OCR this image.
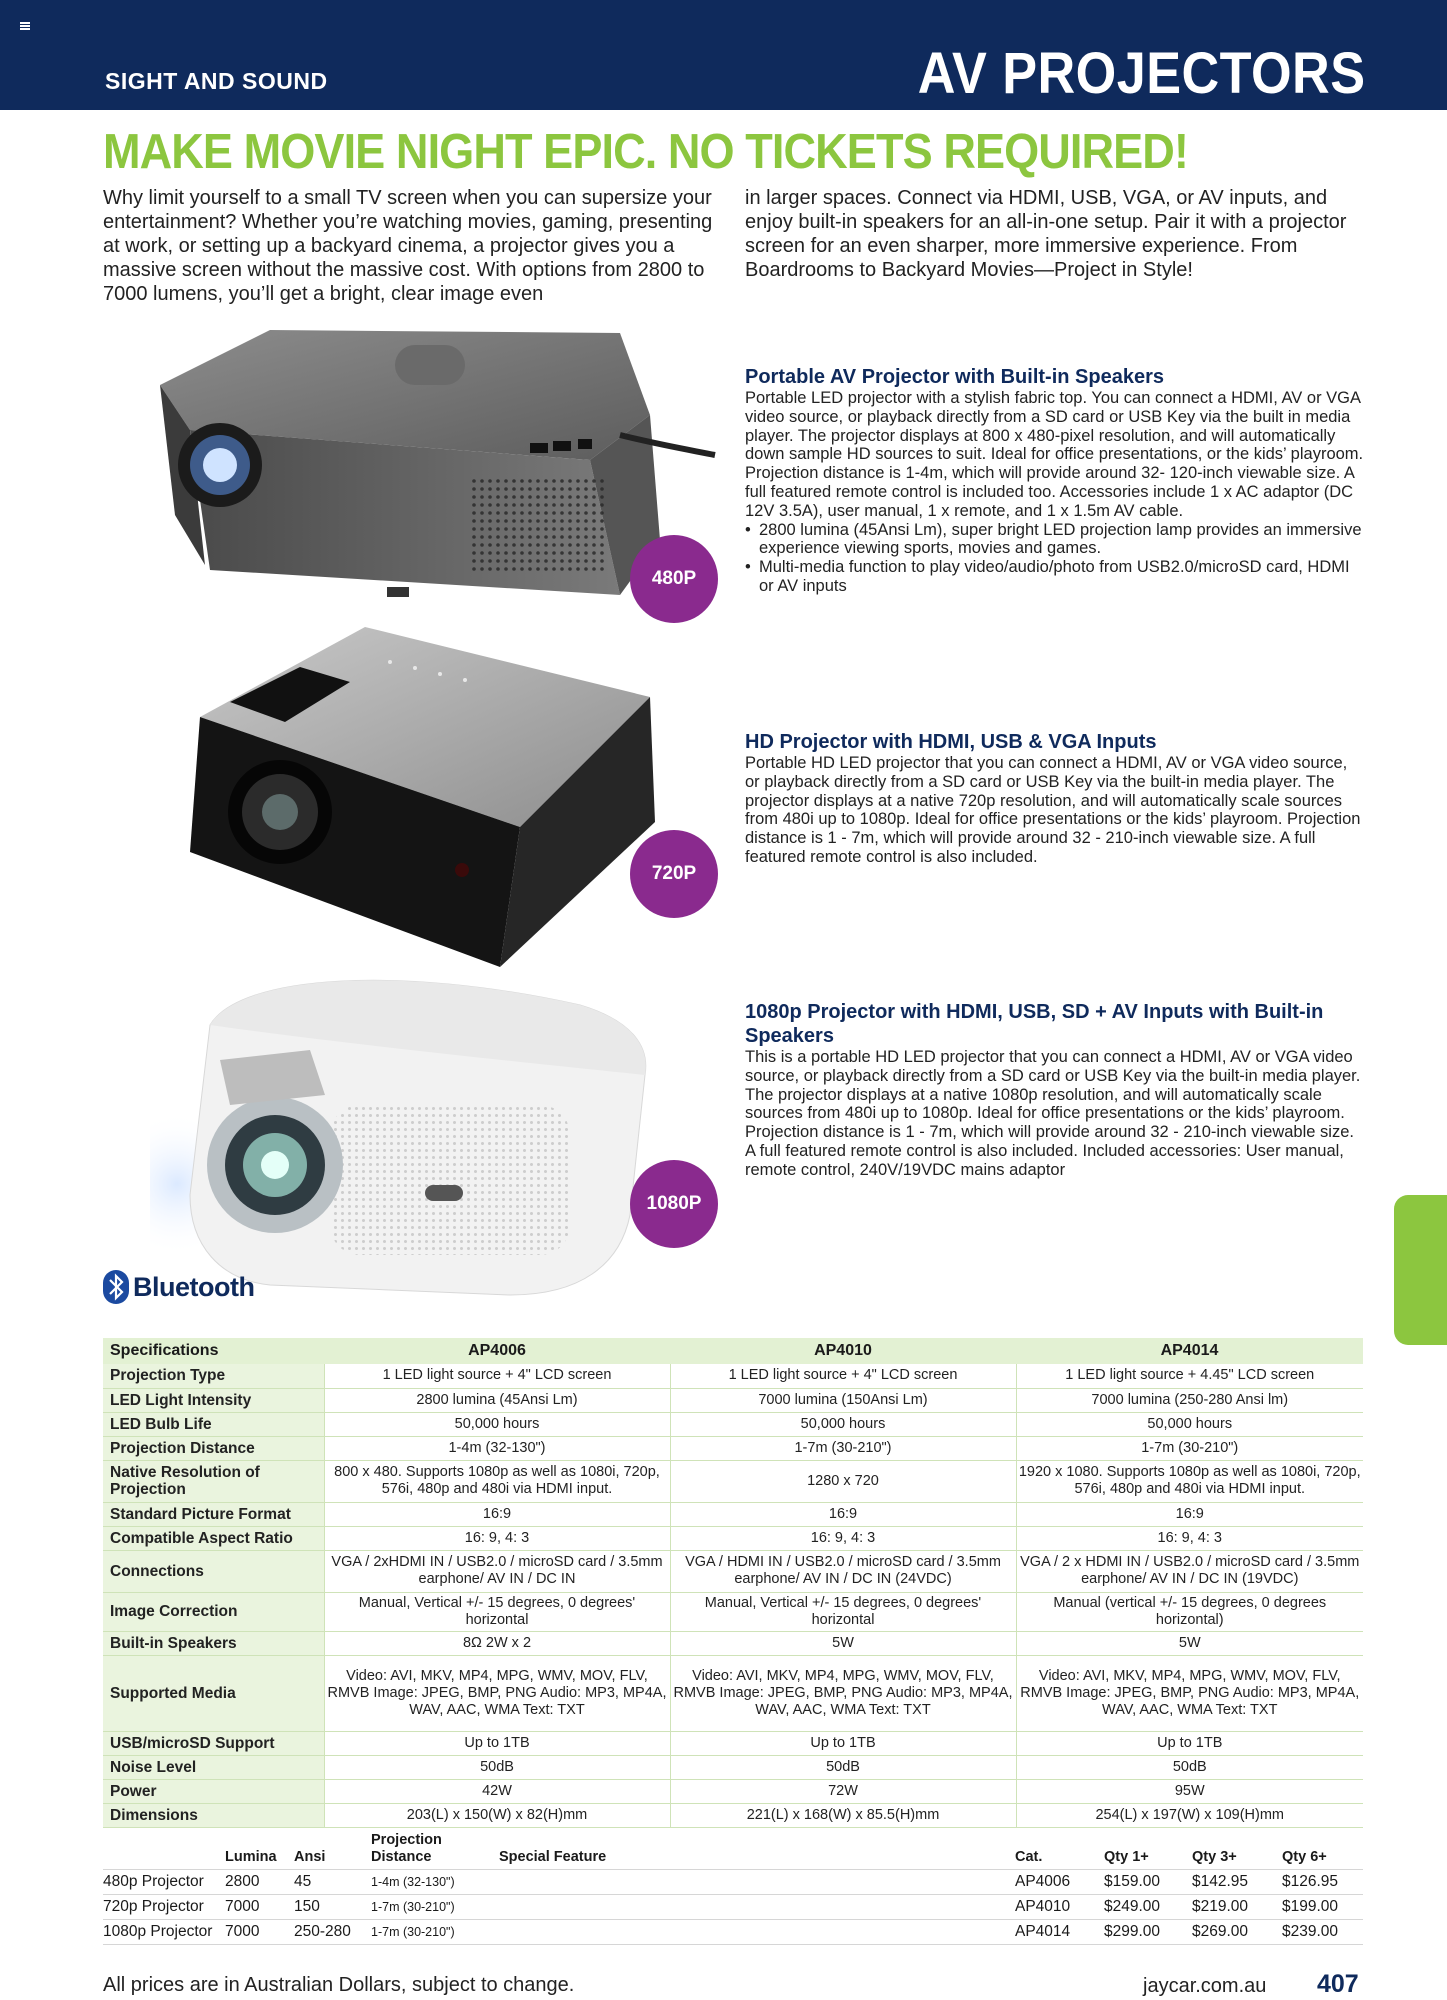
SIGHT AND SOUND	AV PROJECTORS
MAKE MOVIE NIGHT EPIC. NO TICKETS REQUIRED!
Why limit yourself to a small TV screen when you can supersize your entertainment? Whether you’re watching movies, gaming, presenting at work, or setting up a backyard cinema, a projector gives you a massive screen without the massive cost. With options from 2800 to 7000 lumens, you’ll get a bright, clear image even
in larger spaces. Connect via HDMI, USB, VGA, or AV inputs, and enjoy built-in speakers for an all-in-one setup. Pair it with a projector screen for an even sharper, more immersive experience. From Boardrooms to Backyard Movies—Project in Style!
480P
Portable AV Projector with Built-in Speakers

Portable LED projector with a stylish fabric top. You can connect a HDMI, AV or VGA video source, or playback directly from a SD card or USB Key via the built in media player. The projector displays at 800 x 480-pixel resolution, and will automatically down sample HD sources to suit. Ideal for office presentations, or the kids’ playroom. Projection distance is 1-4m, which will provide around 32- 120-inch viewable size. A full featured remote control is included too. Accessories include 1 x AC adaptor (DC 12V 3.5A), user manual, 1 x remote, and 1 x 1.5m AV cable.

• 2800 lumina (45Ansi Lm), super bright LED projection lamp provides an immersive experience viewing sports, movies and games.
• Multi-media function to play video/audio/photo from USB2.0/microSD card, HDMI or AV inputs
720P
HD Projector with HDMI, USB & VGA Inputs

Portable HD LED projector that you can connect a HDMI, AV or VGA video source, or playback directly from a SD card or USB Key via the built-in media player. The projector displays at a native 720p resolution, and will automatically scale sources from 480i up to 1080p. Ideal for office presentations or the kids’ playroom. Projection distance is 1 - 7m, which will provide around 32 - 210-inch viewable size. A full featured remote control is also included.

1080P
1080p Projector with HDMI, USB, SD + AV Inputs with Built-in Speakers

This is a portable HD LED projector that you can connect a HDMI, AV or VGA video source, or playback directly from a SD card or USB Key via the built-in media player. The projector displays at a native 1080p resolution, and will automatically scale sources from 480i up to 1080p. Ideal for office presentations or the kids’ playroom. Projection distance is 1 - 7m, which will provide around 32 - 210-inch viewable size. A full featured remote control is also included. Included accessories: User manual, remote control, 240V/19VDC mains adaptor

Bluetooth
Specifications	AP4006	AP4010	AP4014
Projection Type	1 LED light source + 4" LCD screen	1 LED light source + 4" LCD screen	1 LED light source + 4.45" LCD screen
LED Light Intensity	2800 lumina (45Ansi Lm)	7000 lumina (150Ansi Lm)	7000 lumina (250-280 Ansi lm)
LED Bulb Life	50,000 hours	50,000 hours	50,000 hours
Projection Distance	1-4m (32-130")	1-7m (30-210")	1-7m (30-210")
Native Resolution of Projection	800 x 480. Supports 1080p as well as 1080i, 720p, 576i, 480p and 480i via HDMI input.	1280 x 720	1920 x 1080. Supports 1080p as well as 1080i, 720p, 576i, 480p and 480i via HDMI input.
Standard Picture Format	16:9	16:9	16:9
Compatible Aspect Ratio	16: 9, 4: 3	16: 9, 4: 3	16: 9, 4: 3
Connections	VGA / 2xHDMI IN / USB2.0 / microSD card / 3.5mm earphone/ AV IN / DC IN	VGA / HDMI IN / USB2.0 / microSD card / 3.5mm earphone/ AV IN / DC IN (24VDC)	VGA / 2 x HDMI IN / USB2.0 / microSD card / 3.5mm earphone/ AV IN / DC IN (19VDC)
Image Correction	Manual, Vertical +/- 15 degrees, 0 degrees' horizontal	Manual, Vertical +/- 15 degrees, 0 degrees' horizontal	Manual (vertical +/- 15 degrees, 0 degrees horizontal)
Built-in Speakers	8Ω 2W x 2	5W	5W
Supported Media	Video: AVI, MKV, MP4, MPG, WMV, MOV, FLV, RMVB Image: JPEG, BMP, PNG Audio: MP3, MP4A, WAV, AAC, WMA Text: TXT	Video: AVI, MKV, MP4, MPG, WMV, MOV, FLV, RMVB Image: JPEG, BMP, PNG Audio: MP3, MP4A, WAV, AAC, WMA Text: TXT	Video: AVI, MKV, MP4, MPG, WMV, MOV, FLV, RMVB Image: JPEG, BMP, PNG Audio: MP3, MP4A, WAV, AAC, WMA Text: TXT
USB/microSD Support	Up to 1TB	Up to 1TB	Up to 1TB
Noise Level	50dB	50dB	50dB
Power	42W	72W	95W
Dimensions	203(L) x 150(W) x 82(H)mm	221(L) x 168(W) x 85.5(H)mm	254(L) x 197(W) x 109(H)mm
	Lumina	Ansi	Projection Distance	Special Feature	Cat.	Qty 1+	Qty 3+	Qty 6+
480p Projector	2800	45	1-4m (32-130")		AP4006	$159.00	$142.95	$126.95
720p Projector	7000	150	1-7m (30-210")		AP4010	$249.00	$219.00	$199.00
1080p Projector	7000	250-280	1-7m (30-210")		AP4014	$299.00	$269.00	$239.00
All prices are in Australian Dollars, subject to change.	jaycar.com.au 407
